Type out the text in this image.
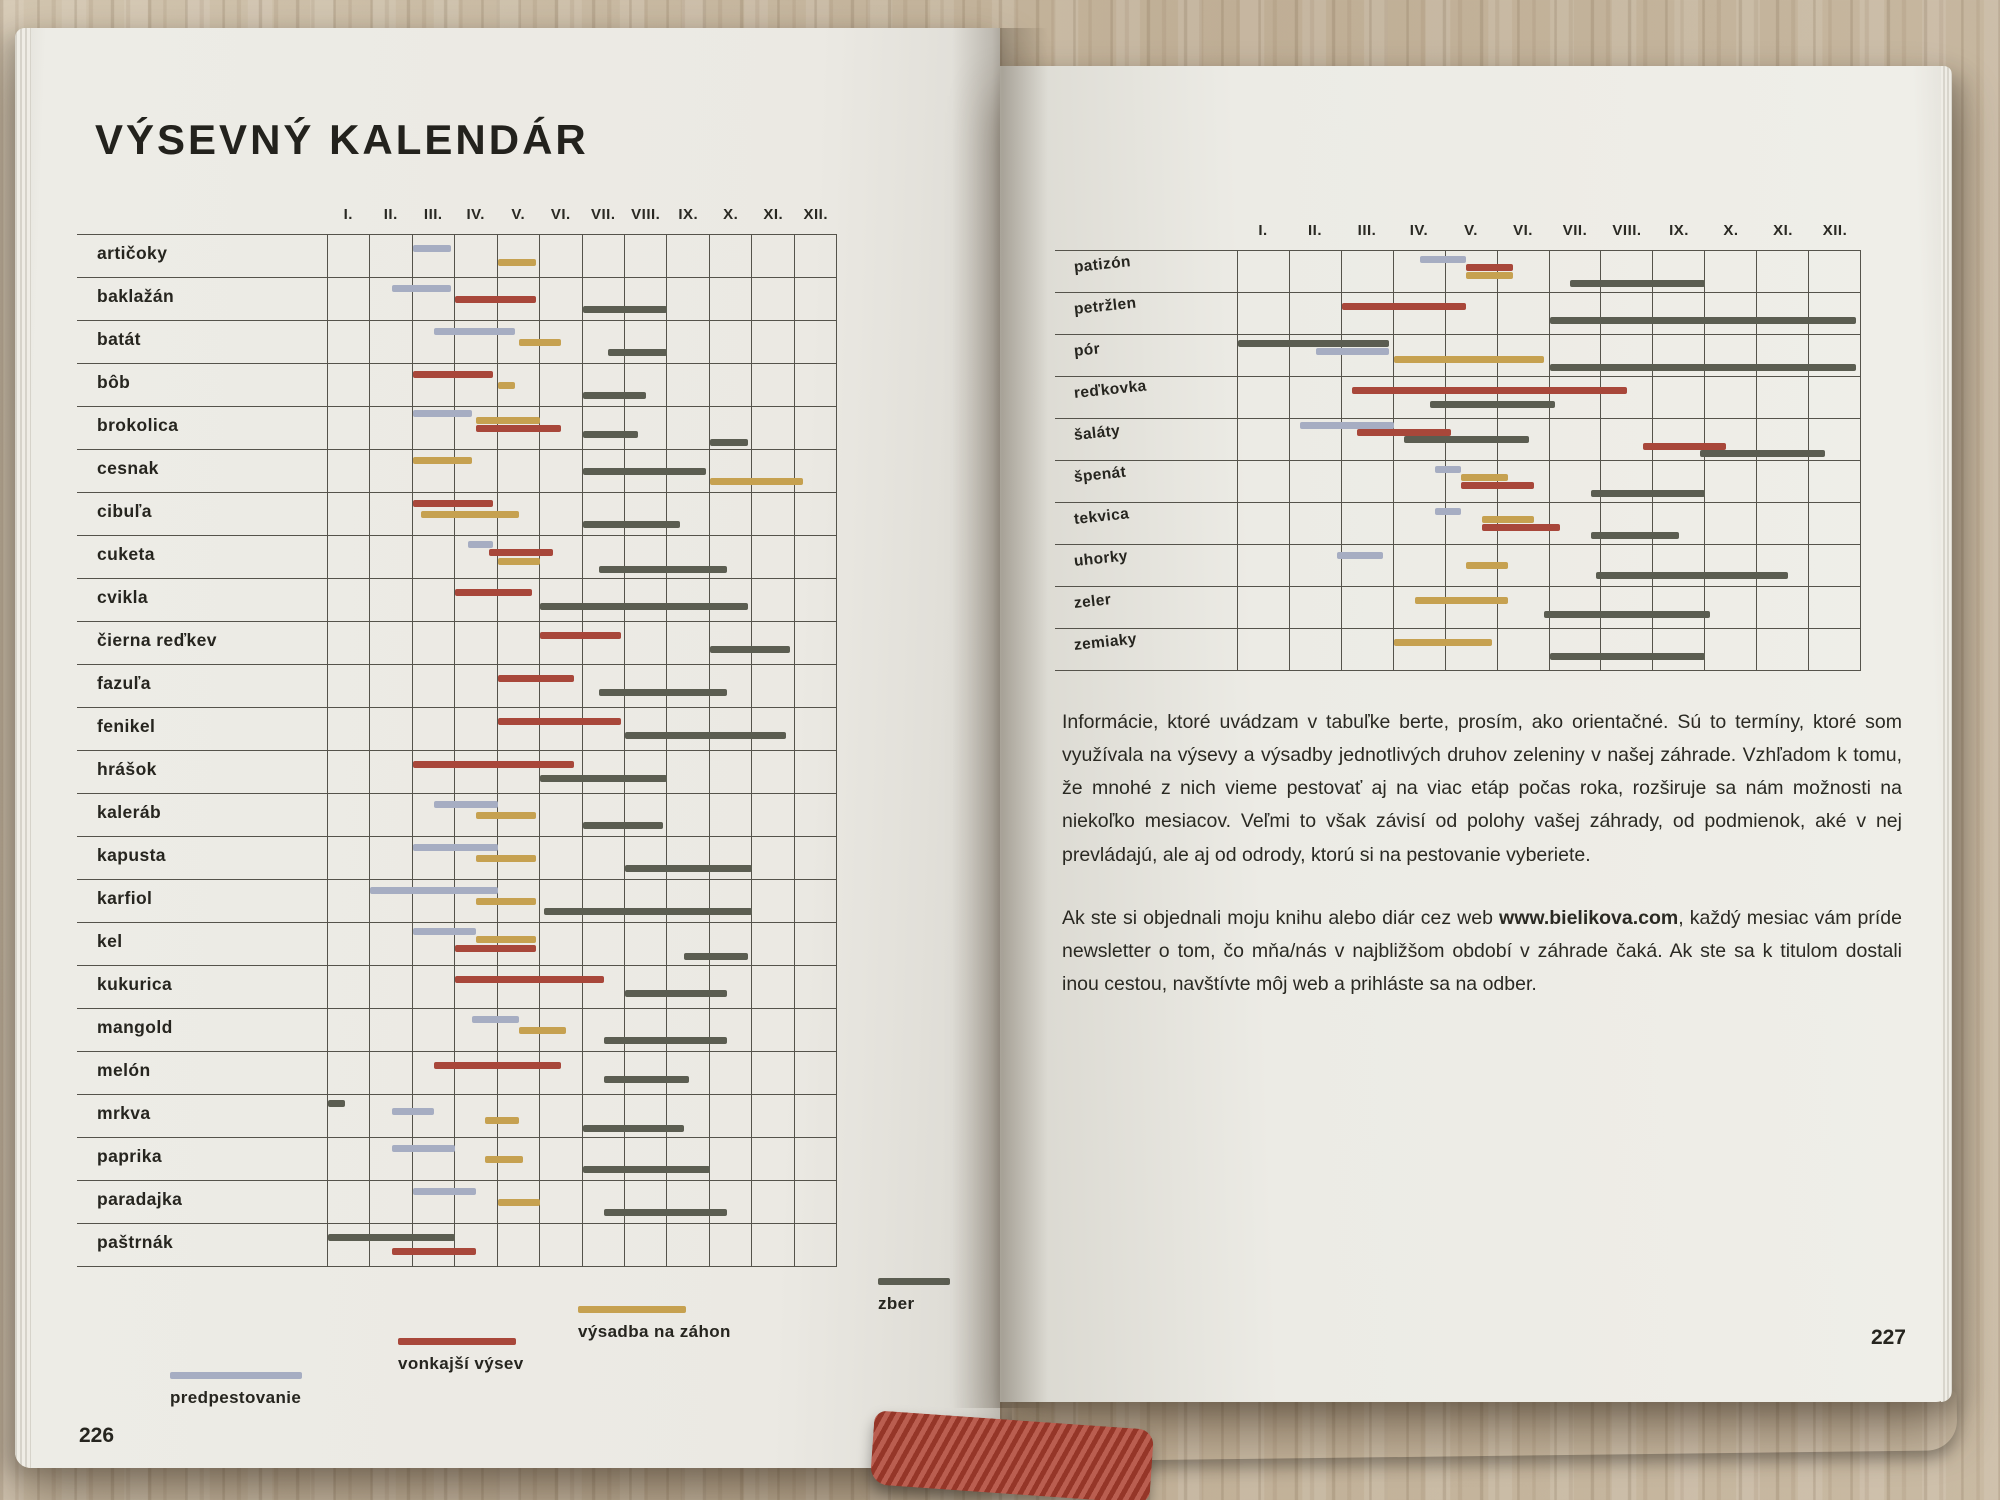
VÝSEVNÝ KALENDÁR
I.	II.	III.	IV.	V.	VI.	VII.	VIII.	IX.	X.	XI.	XII.
artičoky
baklažán
batát
bôb
brokolica
cesnak
cibuľa
cuketa
cvikla
čierna reďkev
fazuľa
fenikel
hrášok
kaleráb
kapusta
karfiol
kel
kukurica
mangold
melón
mrkva
paprika
paradajka
paštrnák
predpestovanie
vonkajší výsev
výsadba na záhon
zber
226
I.	II.	III.	IV.	V.	VI.	VII.	VIII.	IX.	X.	XI.	XII.
patizón
petržlen
pór
reďkovka
šaláty
špenát
tekvica
uhorky
zeler
zemiaky

Informácie, ktoré uvádzam v tabuľke berte, prosím, ako orientačné. Sú to termíny, ktoré som využívala na výsevy a výsadby jednotlivých druhov zeleniny v našej záhrade. Vzhľadom k tomu, že mnohé z nich vieme pestovať aj na viac etáp počas roka, rozširuje sa nám možnosti na niekoľko mesiacov. Veľmi to však závisí od polohy vašej záhrady, od podmienok, aké v nej prevládajú, ale aj od odrody, ktorú si na pestovanie vyberiete.

Ak ste si objednali moju knihu alebo diár cez web www.bielikova.com, každý mesiac vám príde newsletter o tom, čo mňa/nás v najbližšom období v záhrade čaká. Ak ste sa k titulom dostali inou cestou, navštívte môj web a prihláste sa na odber.

227
